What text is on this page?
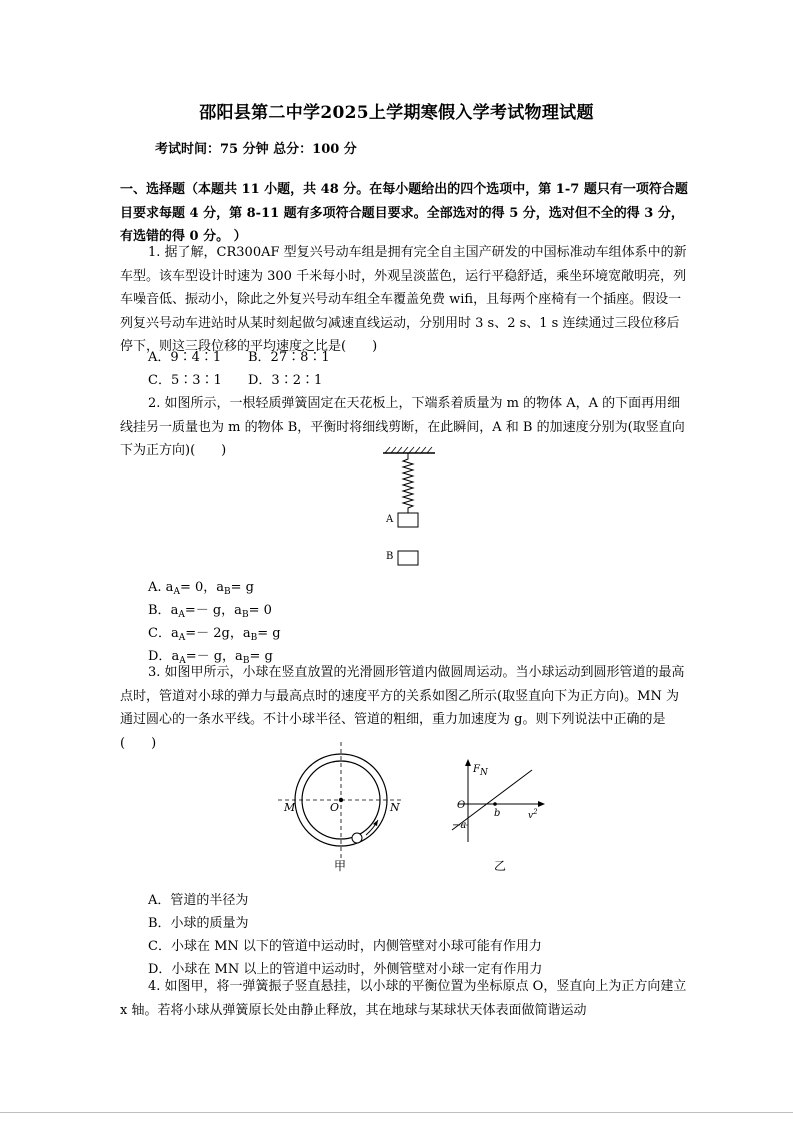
邵阳县第二中学2025上学期寒假入学考试物理试题
考试时间：75 分钟 总分：100 分
一、选择题（本题共 11 小题，共 48 分。在每小题给出的四个选项中，第 1-7 题只有一项符合题目要求每题 4 分，第 8-11 题有多项符合题目要求。全部选对的得 5 分，选对但不全的得 3 分，有选错的得 0 分。 ）
1. 据了解，CR300AF 型复兴号动车组是拥有完全自主国产研发的中国标准动车组体系中的新车型。该车型设计时速为 300 千米每小时，外观呈淡蓝色，运行平稳舒适，乘坐环境宽敞明亮，列车噪音低、振动小，除此之外复兴号动车组全车覆盖免费 wifi，且每两个座椅有一个插座。假设一列复兴号动车进站时从某时刻起做匀减速直线运动，分别用时 3 s、2 s、1 s 连续通过三段位移后停下，则这三段位移的平均速度之比是(　　)
A．9∶4∶1 B．27∶8∶1
C．5∶3∶1 D．3∶2∶1
2. 如图所示，一根轻质弹簧固定在天花板上，下端系着质量为 m 的物体 A，A 的下面再用细线挂另一质量也为 m 的物体 B，平衡时将细线剪断，在此瞬间，A 和 B 的加速度分别为(取竖直向下为正方向)(　　)
A
B
A. $a_A= 0$，$a_B= g$
B．$a_A=- g$，$a_B= 0$
C．$a_A=- 2g$，$a_B= g$
D．$a_A=- g$，$a_B= g$
3. 如图甲所示，小球在竖直放置的光滑圆形管道内做圆周运动。当小球运动到圆形管道的最高点时，管道对小球的弹力与最高点时的速度平方的关系如图乙所示(取竖直向下为正方向)。MN 为通过圆心的一条水平线。不计小球半径、管道的粗细，重力加速度为 g。则下列说法中正确的是(　　)
M	O	N
甲
$F_N$
O
b	$v^2$
−a
乙
A．管道的半径为
B．小球的质量为
C．小球在 MN 以下的管道中运动时，内侧管壁对小球可能有作用力
D．小球在 MN 以上的管道中运动时，外侧管壁对小球一定有作用力
4. 如图甲，将一弹簧振子竖直悬挂，以小球的平衡位置为坐标原点 O，竖直向上为正方向建立 x 轴。若将小球从弹簧原长处由静止释放，其在地球与某球状天体表面做简谐运动
